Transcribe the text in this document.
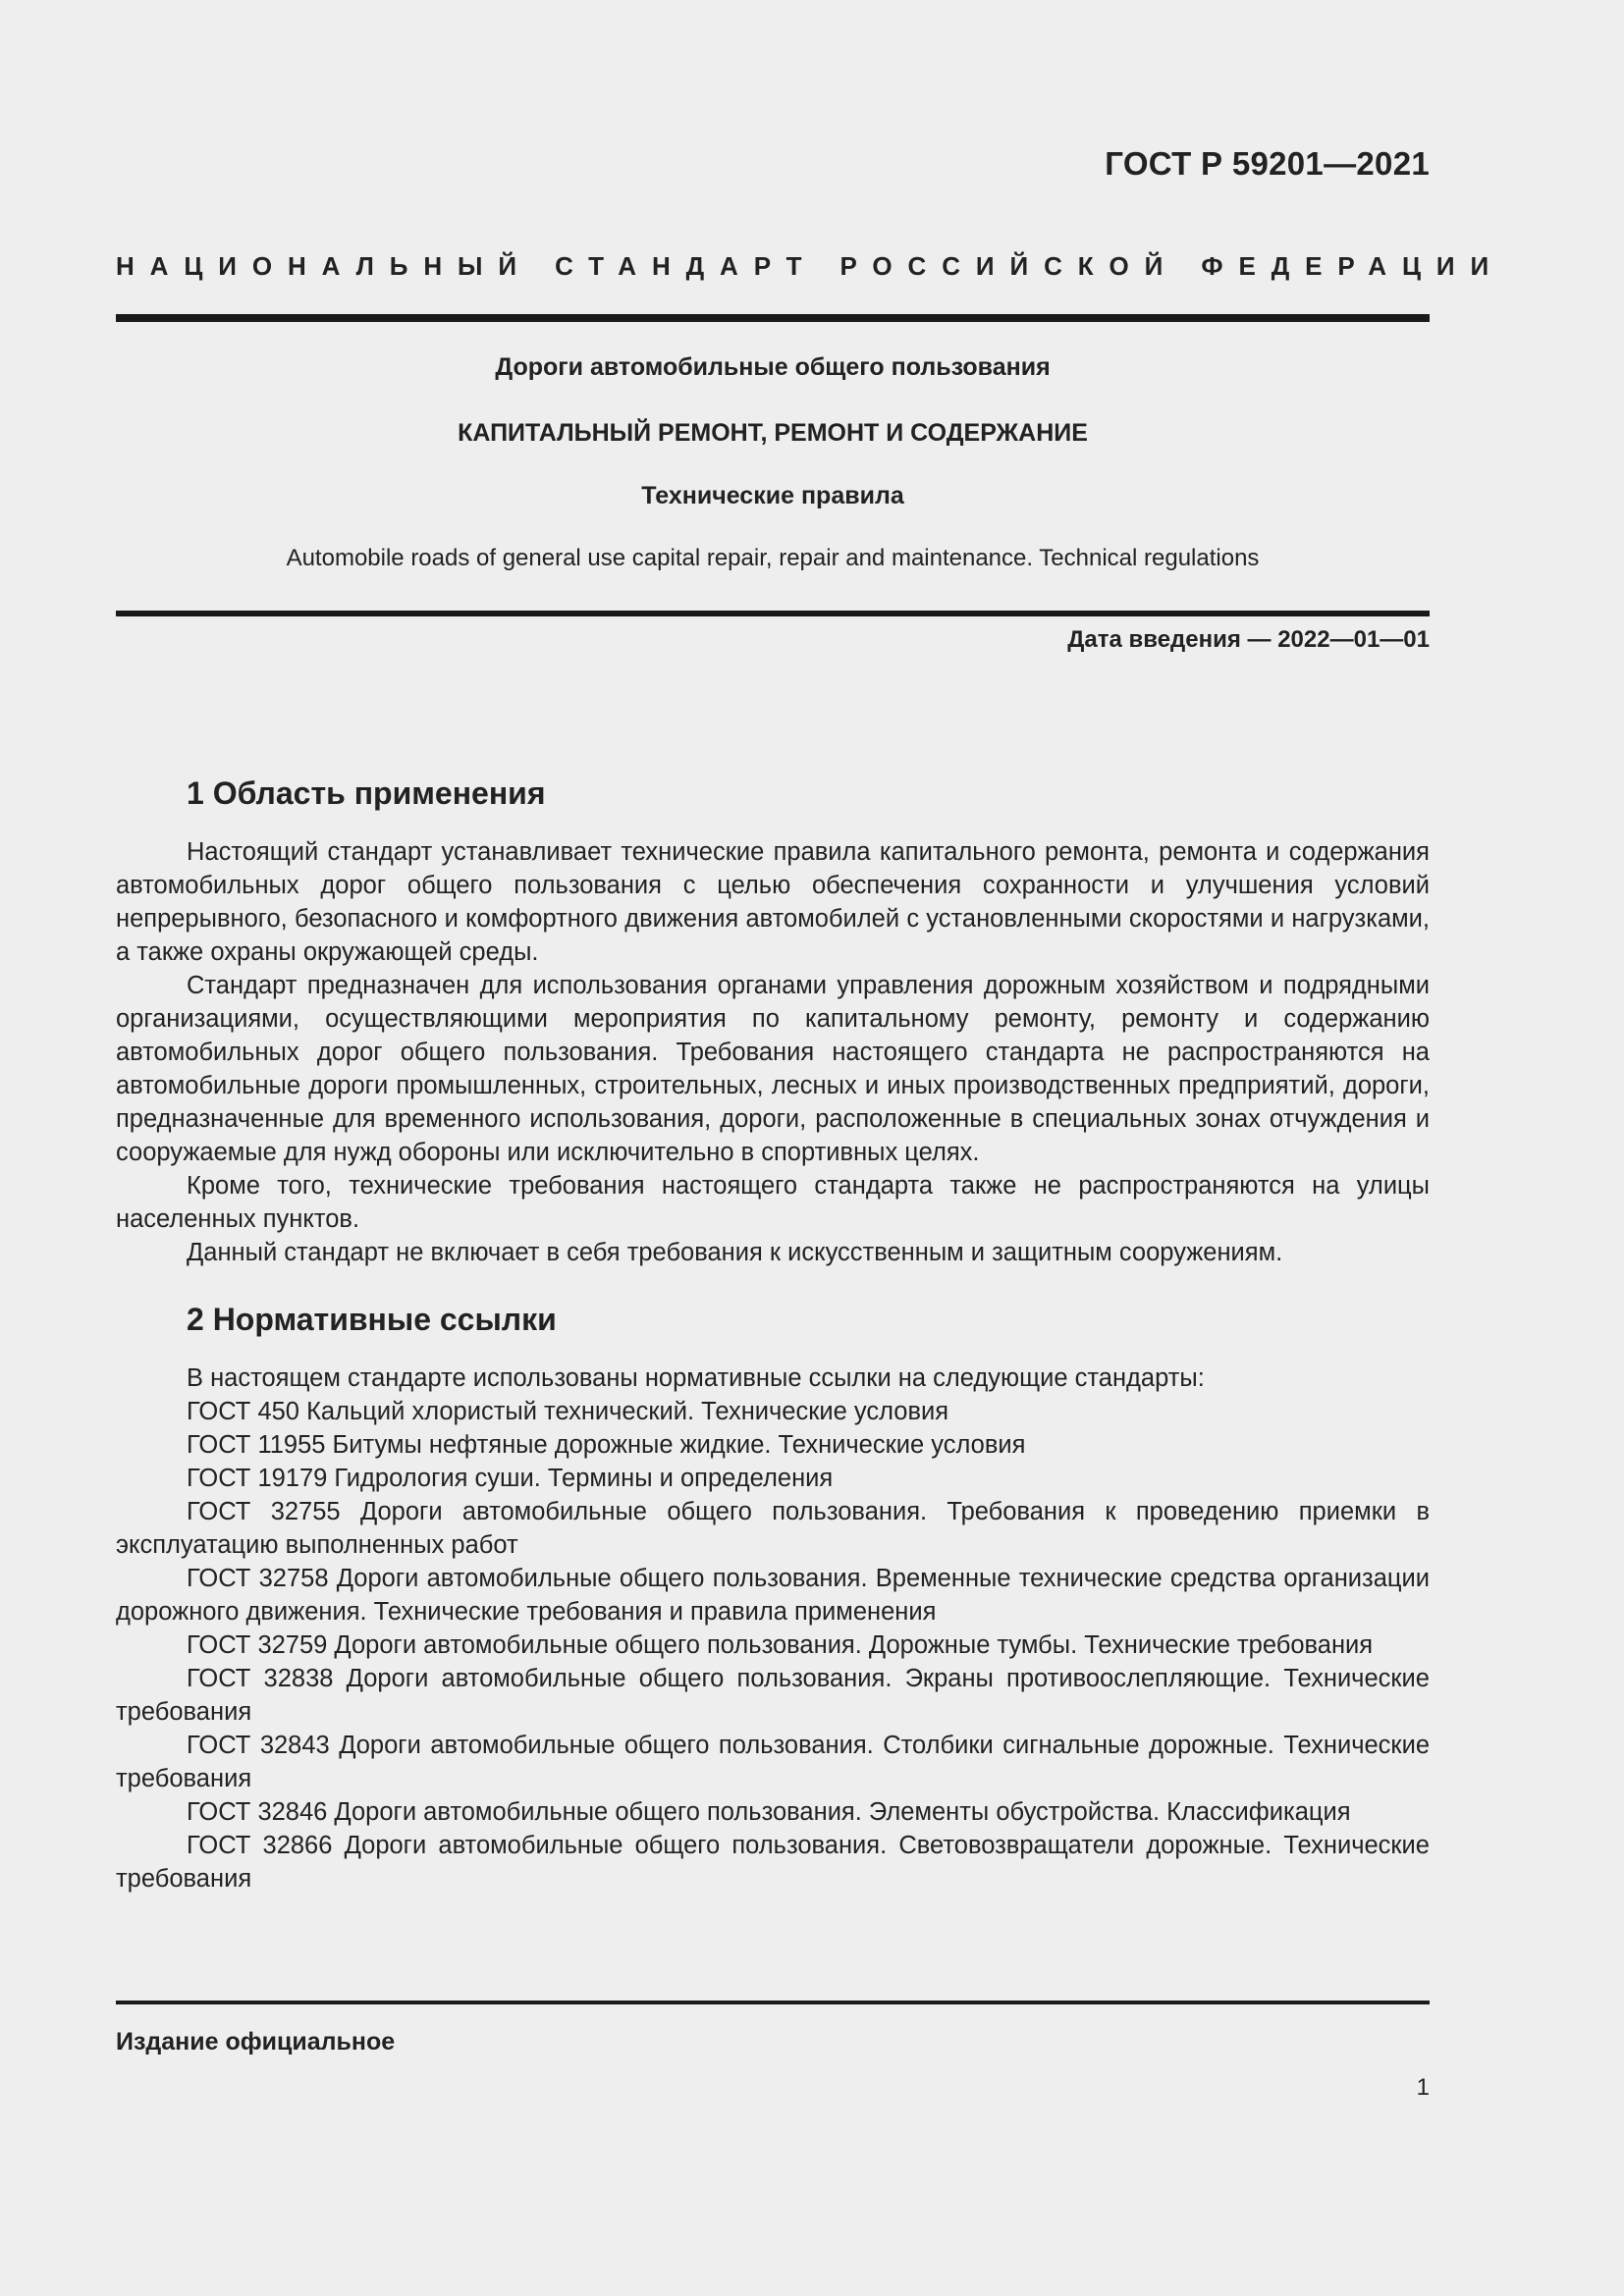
ГОСТ Р 59201—2021
НАЦИОНАЛЬНЫЙ СТАНДАРТ РОССИЙСКОЙ ФЕДЕРАЦИИ
Дороги автомобильные общего пользования
КАПИТАЛЬНЫЙ РЕМОНТ, РЕМОНТ И СОДЕРЖАНИЕ
Технические правила
Automobile roads of general use capital repair, repair and maintenance. Technical regulations
Дата введения — 2022—01—01
1 Область применения

Настоящий стандарт устанавливает технические правила капитального ремонта, ремонта и содержания автомобильных дорог общего пользования с целью обеспечения сохранности и улучшения условий непрерывного, безопасного и комфортного движения автомобилей с установленными скоростями и нагрузками, а также охраны окружающей среды.

Стандарт предназначен для использования органами управления дорожным хозяйством и подрядными организациями, осуществляющими мероприятия по капитальному ремонту, ремонту и содержанию автомобильных дорог общего пользования. Требования настоящего стандарта не распространяются на автомобильные дороги промышленных, строительных, лесных и иных производственных предприятий, дороги, предназначенные для временного использования, дороги, расположенные в специальных зонах отчуждения и сооружаемые для нужд обороны или исключительно в спортивных целях.

Кроме того, технические требования настоящего стандарта также не распространяются на улицы населенных пунктов.

Данный стандарт не включает в себя требования к искусственным и защитным сооружениям.

2 Нормативные ссылки

В настоящем стандарте использованы нормативные ссылки на следующие стандарты:

ГОСТ 450 Кальций хлористый технический. Технические условия

ГОСТ 11955 Битумы нефтяные дорожные жидкие. Технические условия

ГОСТ 19179 Гидрология суши. Термины и определения

ГОСТ 32755 Дороги автомобильные общего пользования. Требования к проведению приемки в эксплуатацию выполненных работ

ГОСТ 32758 Дороги автомобильные общего пользования. Временные технические средства организации дорожного движения. Технические требования и правила применения

ГОСТ 32759 Дороги автомобильные общего пользования. Дорожные тумбы. Технические требования

ГОСТ 32838 Дороги автомобильные общего пользования. Экраны противоослепляющие. Технические требования

ГОСТ 32843 Дороги автомобильные общего пользования. Столбики сигнальные дорожные. Технические требования

ГОСТ 32846 Дороги автомобильные общего пользования. Элементы обустройства. Классификация

ГОСТ 32866 Дороги автомобильные общего пользования. Световозвращатели дорожные. Технические требования

Издание официальное
1
